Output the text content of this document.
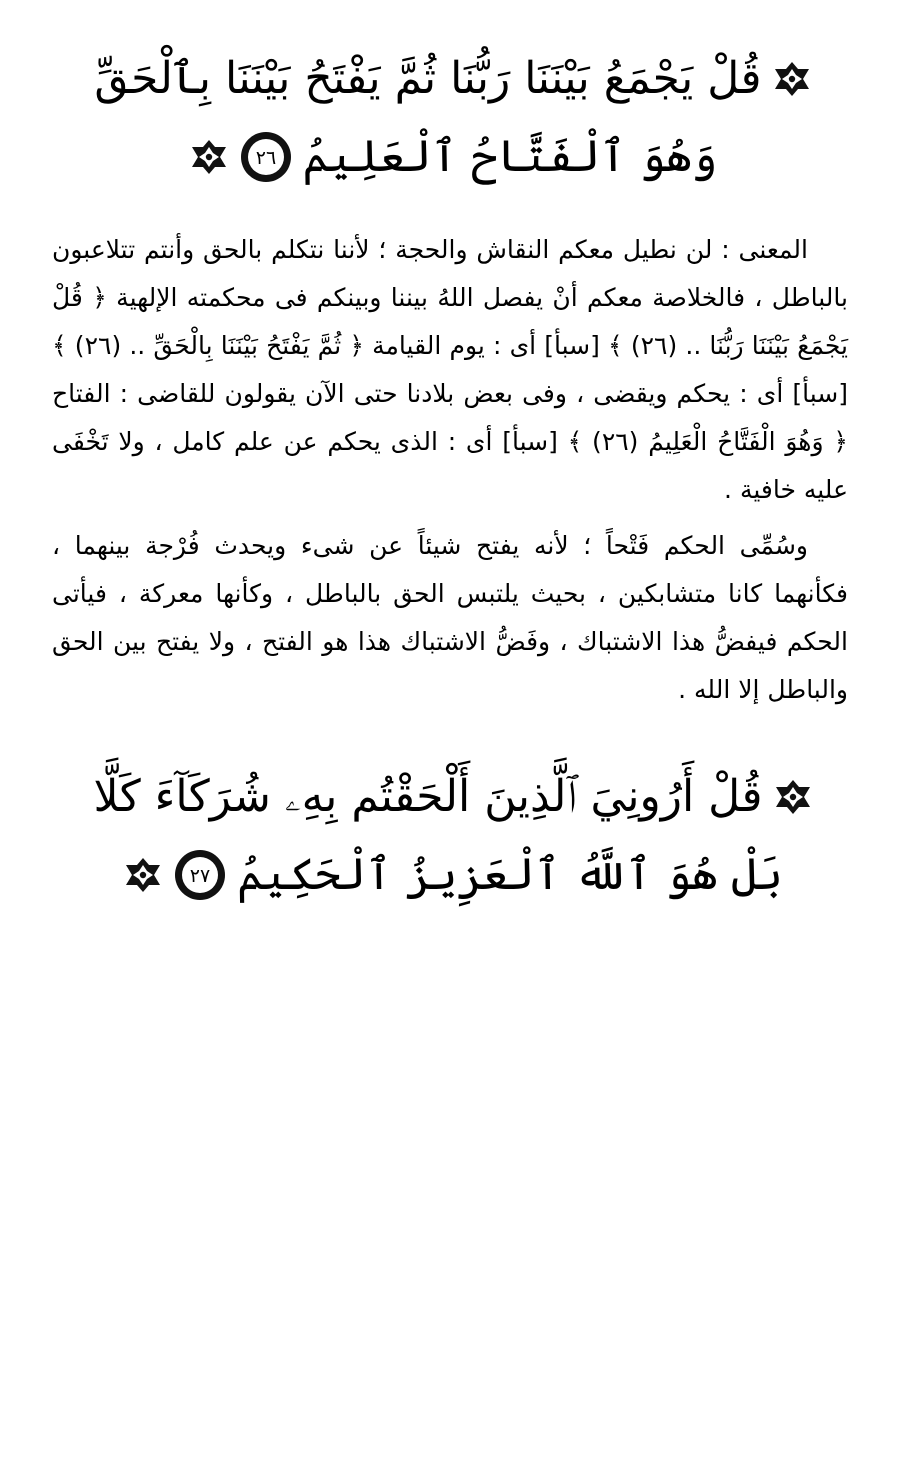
قُلْ يَجْمَعُ بَيْنَنَا رَبُّنَا ثُمَّ يَفْتَحُ بَيْنَنَا بِٱلْحَقِّ
وَهُوَ ٱلْفَتَّاحُ ٱلْعَلِيمُ
٢٦

المعنى : لن نطيل معكم النقاش والحجة ؛ لأننا نتكلم بالحق وأنتم تتلاعبون بالباطل ، فالخلاصة معكم أنْ يفصل اللهُ بيننا وبينكم فى محكمته الإلهية ﴿ قُلْ يَجْمَعُ بَيْنَنَا رَبُّنَا .. (٢٦) ﴾ [سبأ] أى : يوم القيامة ﴿ ثُمَّ يَفْتَحُ بَيْنَنَا بِالْحَقِّ .. (٢٦) ﴾ [سبأ] أى : يحكم ويقضى ، وفى بعض بلادنا حتى الآن يقولون للقاضى : الفتاح ﴿ وَهُوَ الْفَتَّاحُ الْعَلِيمُ (٢٦) ﴾ [سبأ] أى : الذى يحكم عن علم كامل ، ولا تَخْفَى عليه خافية .

وسُمِّى الحكم فَتْحاً ؛ لأنه يفتح شيئاً عن شىء ويحدث فُرْجة بينهما ، فكأنهما كانا متشابكين ، بحيث يلتبس الحق بالباطل ، وكأنها معركة ، فيأتى الحكم فيفضُّ هذا الاشتباك ، وفَضُّ الاشتباك هذا هو الفتح ، ولا يفتح بين الحق والباطل إلا الله .

قُلْ أَرُونِيَ ٱلَّذِينَ أَلْحَقْتُم بِهِۦ شُرَكَآءَ كَلَّا
بَلْ هُوَ ٱللَّهُ ٱلْعَزِيزُ ٱلْحَكِيمُ
٢٧
